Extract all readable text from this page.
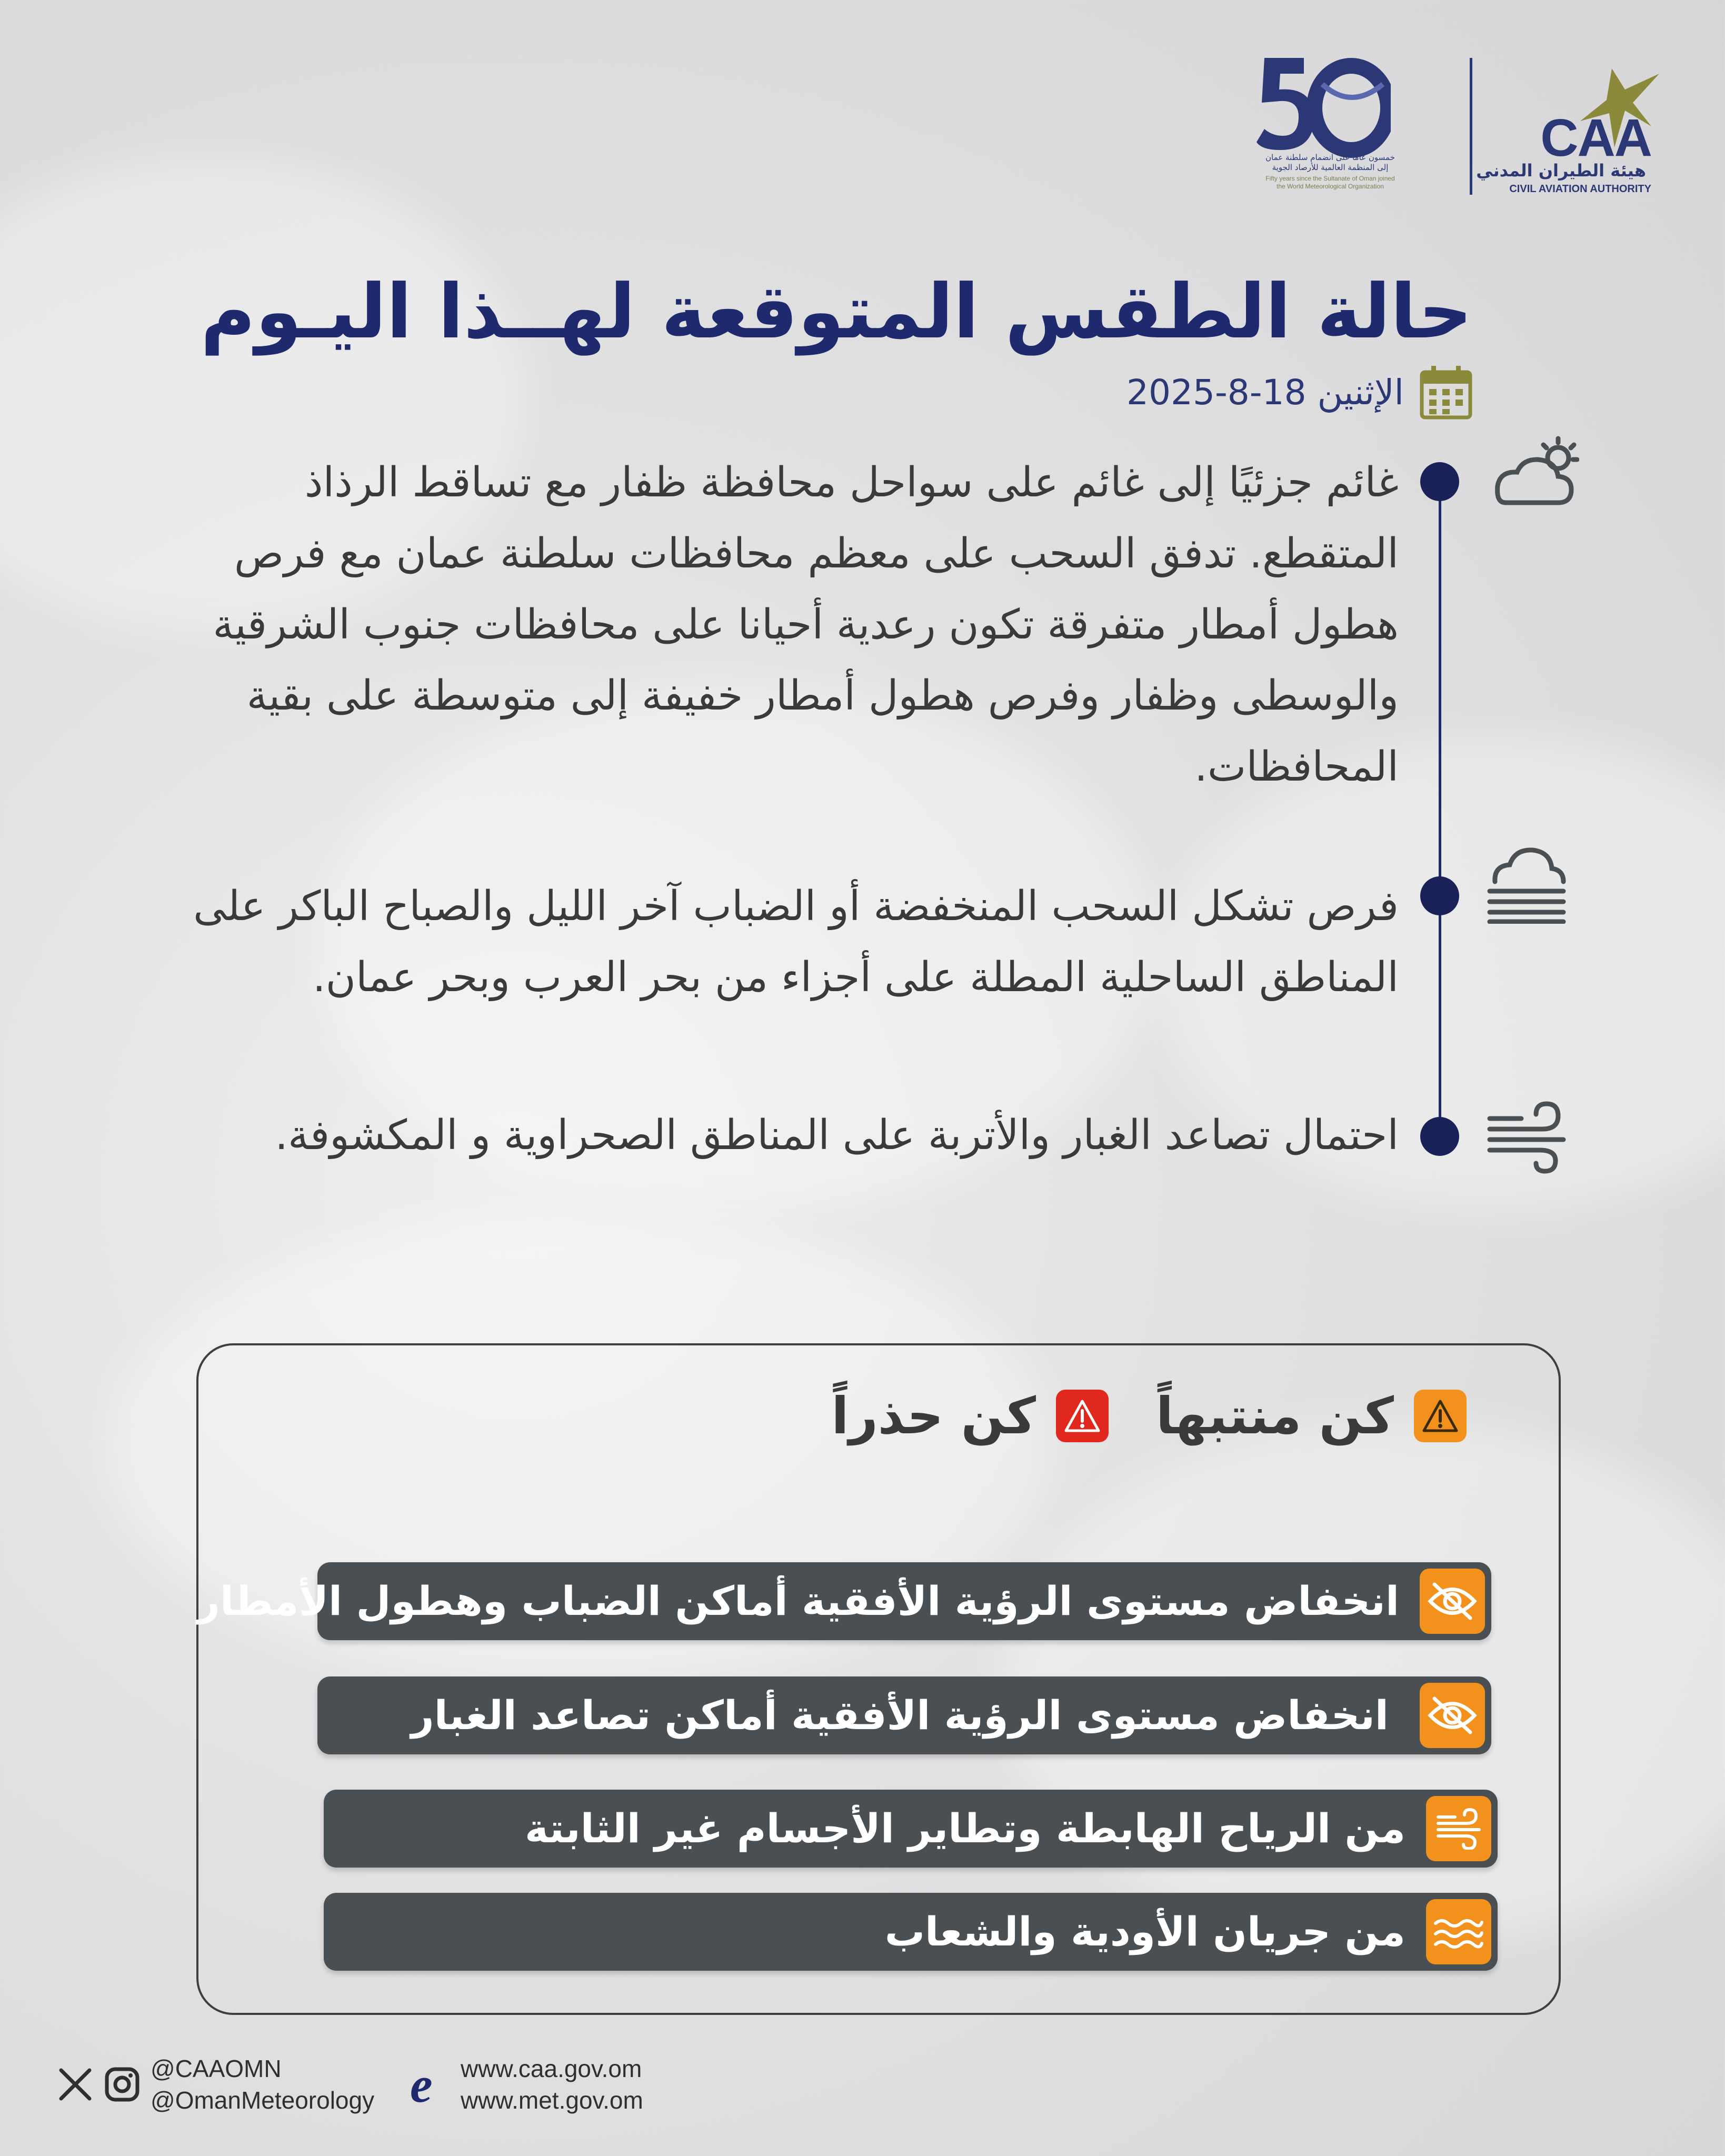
CAA
هيئة الطيران المدني
CIVIL AVIATION AUTHORITY
خمسون عاما على انضمام سلطنة عمان إلى المنظمة العالمية للأرصاد الجوية
Fifty years since the Sultanate of Oman joined the World Meteorological Organization
حالة الطقس المتوقعة لهــذا اليـوم
الإثنين 18-8-2025
غائم جزئيًا إلى غائم على سواحل محافظة ظفار مع تساقط الرذاذ المتقطع. تدفق السحب على معظم محافظات سلطنة عمان مع فرص هطول أمطار متفرقة تكون رعدية أحيانا على محافظات جنوب الشرقية والوسطى وظفار وفرص هطول أمطار خفيفة إلى متوسطة على بقية المحافظات.
فرص تشكل السحب المنخفضة أو الضباب آخر الليل والصباح الباكر على المناطق الساحلية المطلة على أجزاء من بحر العرب وبحر عمان.
احتمال تصاعد الغبار والأتربة على المناطق الصحراوية و المكشوفة.
كن منتبهاً
كن حذراً
انخفاض مستوى الرؤية الأفقية أماكن الضباب وهطول الأمطار
انخفاض مستوى الرؤية الأفقية أماكن تصاعد الغبار
من الرياح الهابطة وتطاير الأجسام غير الثابتة
من جريان الأودية والشعاب
@CAAOMN
@OmanMeteorology e www.caa.gov.om
www.met.gov.om
